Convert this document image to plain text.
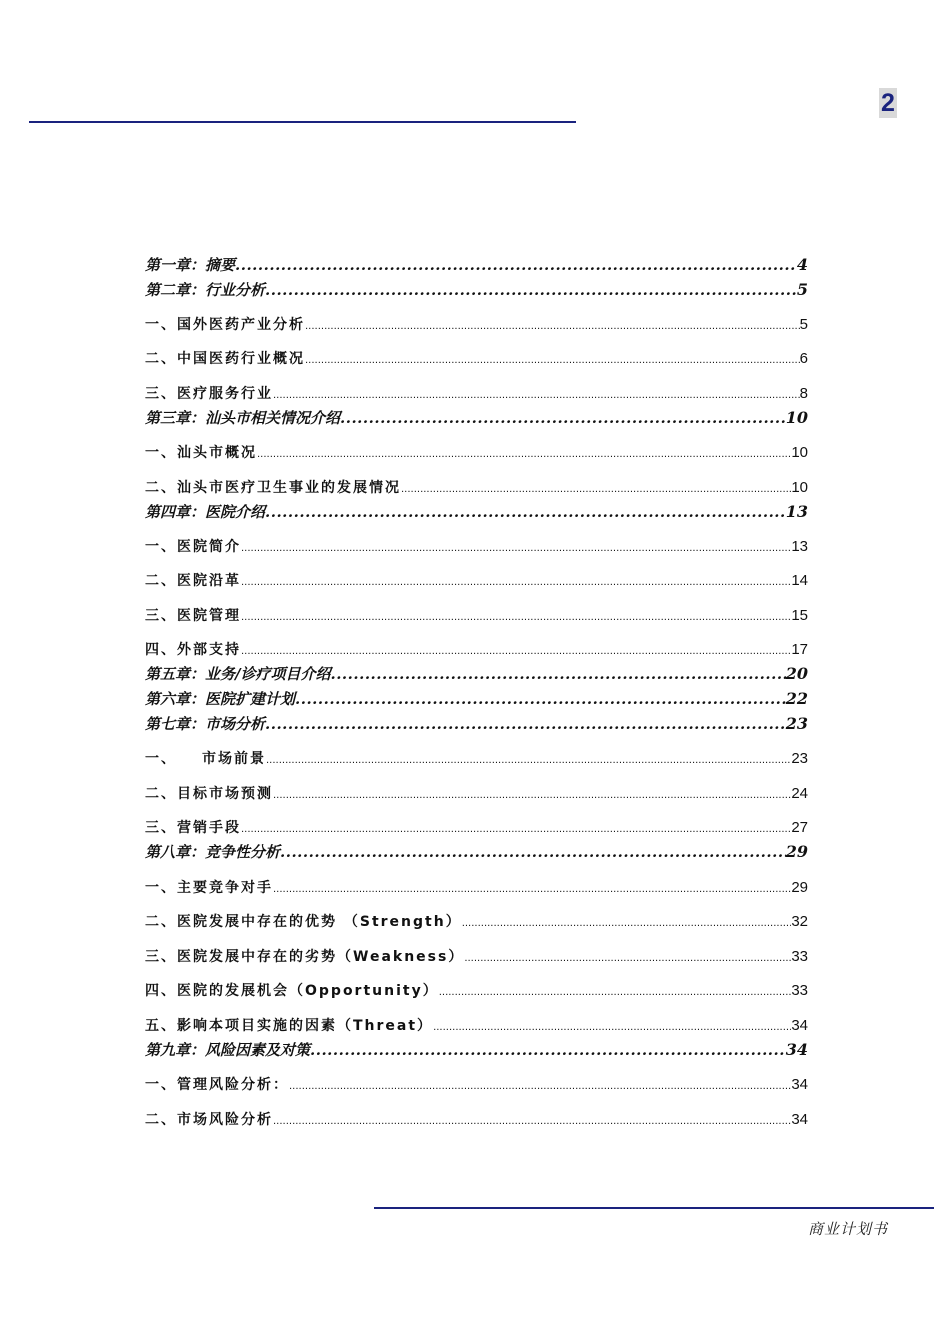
2
第一章：摘要 .....	4
第二章：行业分析 .....	5
一、国外医药产业分析 .....	5
二、中国医药行业概况 .....	6
三、医疗服务行业 .....	8
第三章：汕头市相关情况介绍 .....	10
一、汕头市概况 .....	10
二、汕头市医疗卫生事业的发展情况 .....	10
第四章：医院介绍 .....	13
一、医院简介 .....	13
二、医院沿革 .....	14
三、医院管理 .....	15
四、外部支持 .....	17
第五章：业务/诊疗项目介绍 .....	20
第六章：医院扩建计划 .....	22
第七章：市场分析 .....	23
一、　　市场前景 .....	23
二、目标市场预测 .....	24
三、营销手段 .....	27
第八章：竞争性分析 .....	29
一、主要竞争对手 .....	29
二、医院发展中存在的优势 （Strength） .....	32
三、医院发展中存在的劣势（Weakness） .....	33
四、医院的发展机会（Opportunity） .....	33
五、影响本项目实施的因素（Threat） .....	34
第九章：风险因素及对策 .....	34
一、管理风险分析： .....	34
二、市场风险分析 .....	34
商业计划书
